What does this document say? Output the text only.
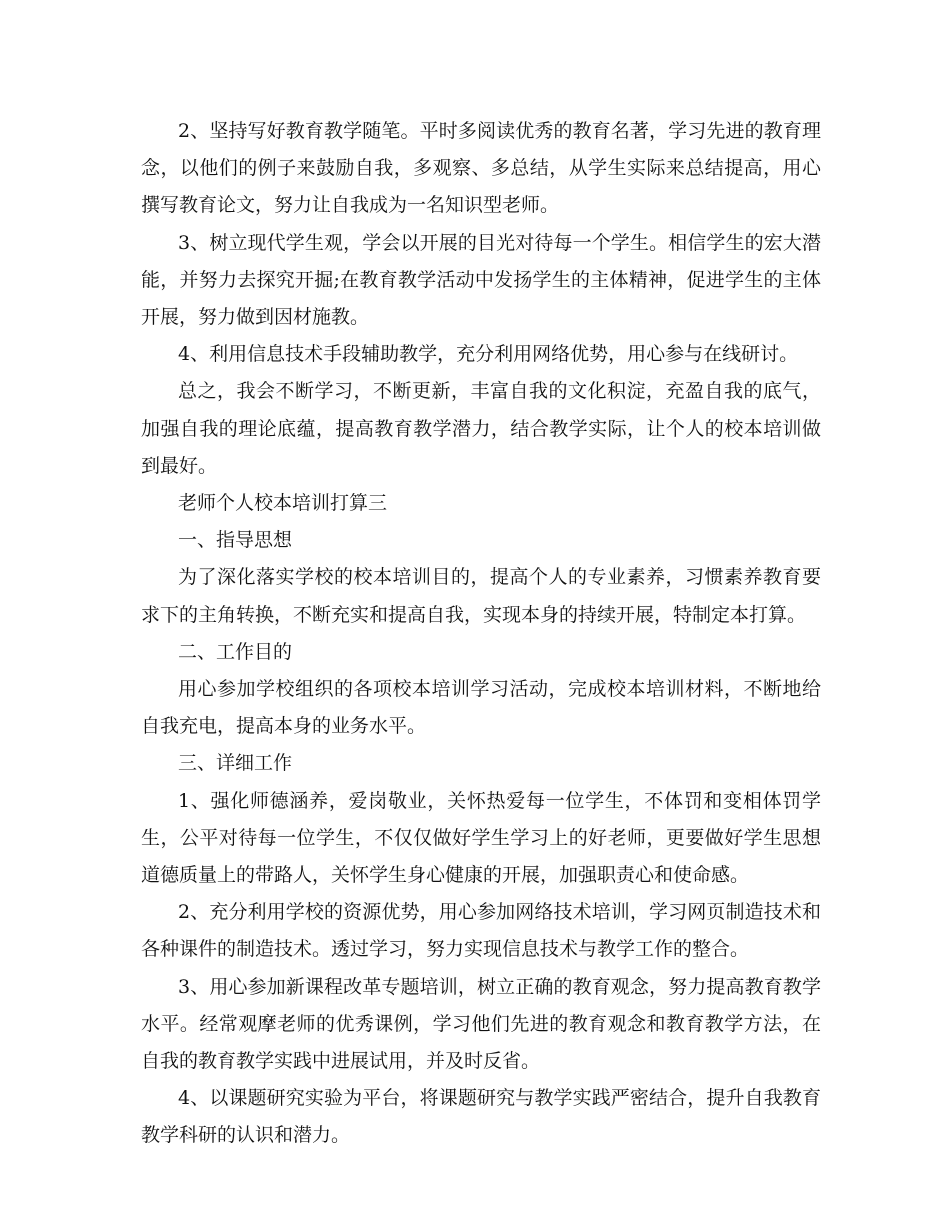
2、坚持写好教育教学随笔。平时多阅读优秀的教育名著，学习先进的教育理念，以他们的例子来鼓励自我，多观察、多总结，从学生实际来总结提高，用心撰写教育论文，努力让自我成为一名知识型老师。

3、树立现代学生观，学会以开展的目光对待每一个学生。相信学生的宏大潜能，并努力去探究开掘;在教育教学活动中发扬学生的主体精神，促进学生的主体开展，努力做到因材施教。

4、利用信息技术手段辅助教学，充分利用网络优势，用心参与在线研讨。

总之，我会不断学习，不断更新，丰富自我的文化积淀，充盈自我的底气，加强自我的理论底蕴，提高教育教学潜力，结合教学实际，让个人的校本培训做到最好。

老师个人校本培训打算三

一、指导思想

为了深化落实学校的校本培训目的，提高个人的专业素养，习惯素养教育要求下的主角转换，不断充实和提高自我，实现本身的持续开展，特制定本打算。

二、工作目的

用心参加学校组织的各项校本培训学习活动，完成校本培训材料，不断地给自我充电，提高本身的业务水平。

三、详细工作

1、强化师德涵养，爱岗敬业，关怀热爱每一位学生，不体罚和变相体罚学生，公平对待每一位学生，不仅仅做好学生学习上的好老师，更要做好学生思想道德质量上的带路人，关怀学生身心健康的开展，加强职责心和使命感。

2、充分利用学校的资源优势，用心参加网络技术培训，学习网页制造技术和各种课件的制造技术。透过学习，努力实现信息技术与教学工作的整合。

3、用心参加新课程改革专题培训，树立正确的教育观念，努力提高教育教学水平。经常观摩老师的优秀课例，学习他们先进的教育观念和教育教学方法，在自我的教育教学实践中进展试用，并及时反省。

4、以课题研究实验为平台，将课题研究与教学实践严密结合，提升自我教育教学科研的认识和潜力。
